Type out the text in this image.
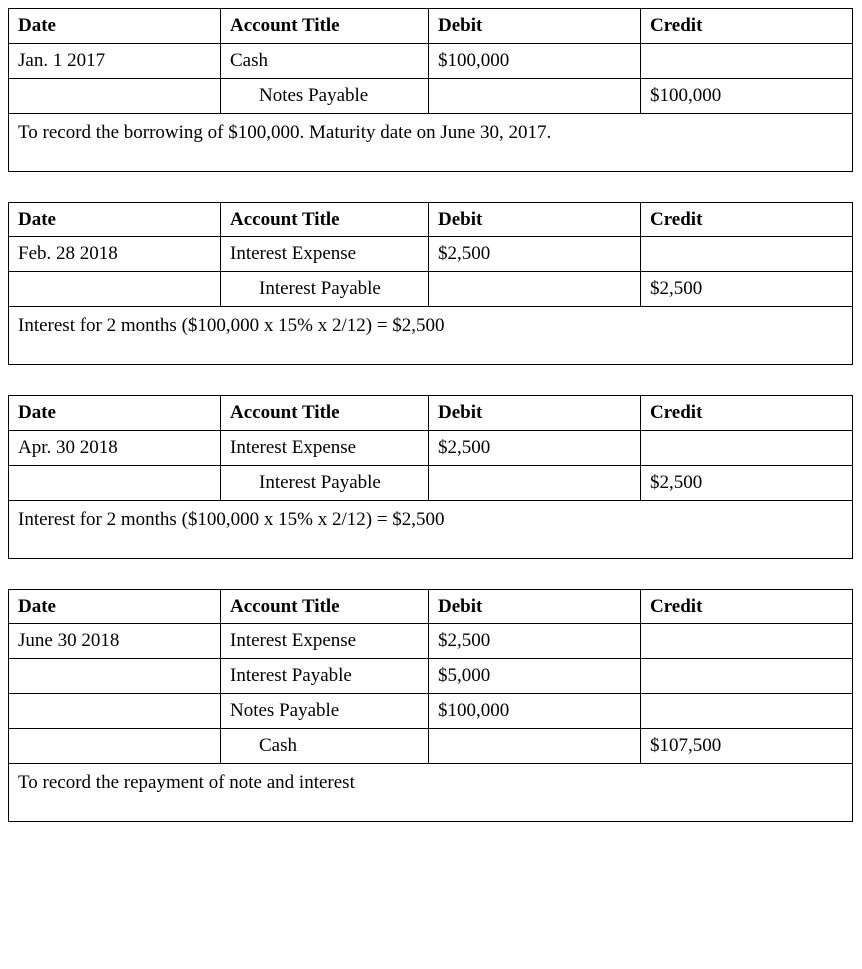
Date	Account Title	Debit	Credit
Jan. 1 2017	Cash	$100,000	
	Notes Payable		$100,000
To record the borrowing of $100,000. Maturity date on June 30, 2017.			
Date	Account Title	Debit	Credit
Feb. 28 2018	Interest Expense	$2,500	
	Interest Payable		$2,500
Interest for 2 months ($100,000 x 15% x 2/12) = $2,500			
Date	Account Title	Debit	Credit
Apr. 30 2018	Interest Expense	$2,500	
	Interest Payable		$2,500
Interest for 2 months ($100,000 x 15% x 2/12) = $2,500			
Date	Account Title	Debit	Credit
June 30 2018	Interest Expense	$2,500	
	Interest Payable	$5,000	
	Notes Payable	$100,000	
	Cash		$107,500
To record the repayment of note and interest			
